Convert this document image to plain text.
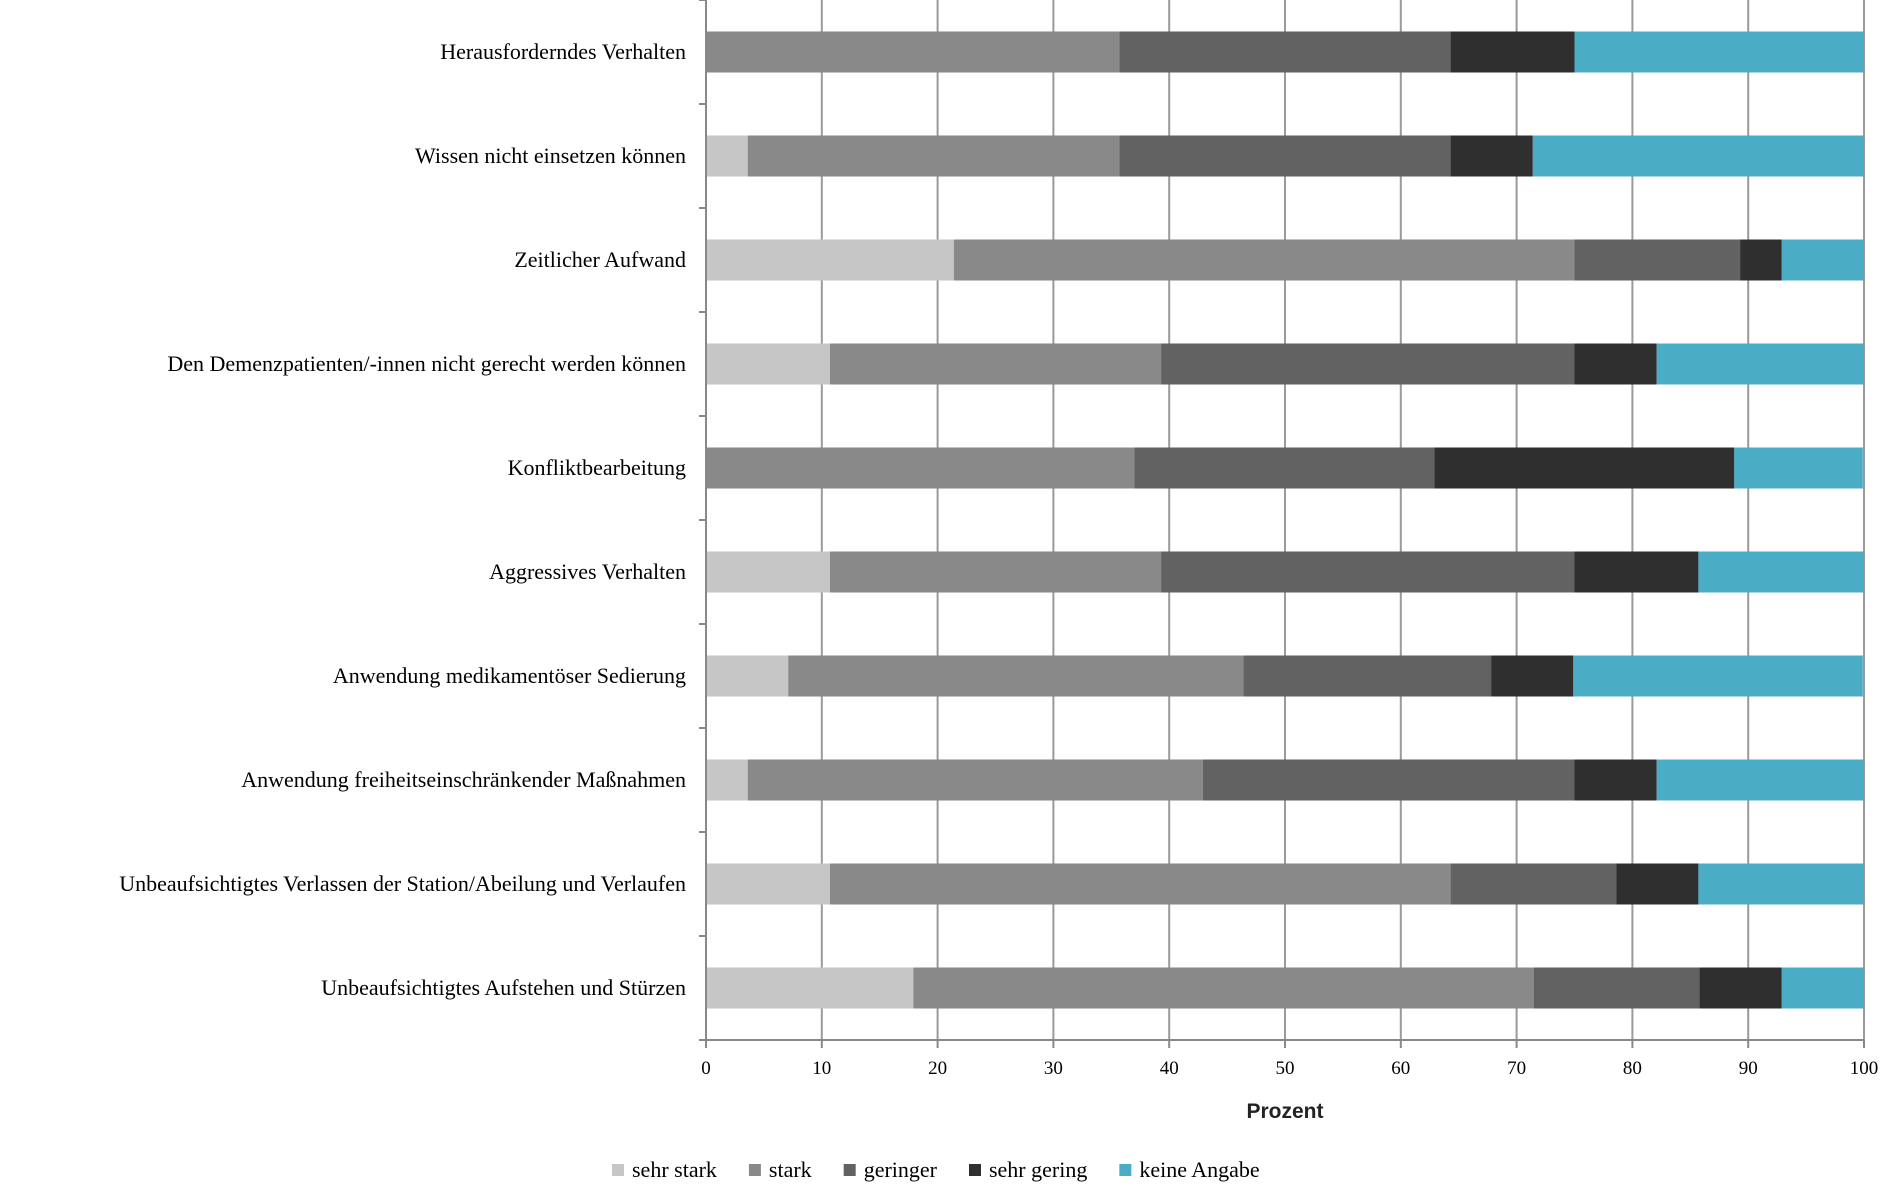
0	10	20	30	40	50	60	70	80	90	100
Herausforderndes Verhalten
Wissen nicht einsetzen können
Zeitlicher Aufwand
Den Demenzpatienten/-innen nicht gerecht werden können
Konfliktbearbeitung
Aggressives Verhalten
Anwendung medikamentöser Sedierung
Anwendung freiheitseinschränkender Maßnahmen
Unbeaufsichtigtes Verlassen der Station/Abeilung und Verlaufen
Unbeaufsichtigtes Aufstehen und Stürzen
Prozent
sehr stark stark geringer sehr gering keine Angabe
